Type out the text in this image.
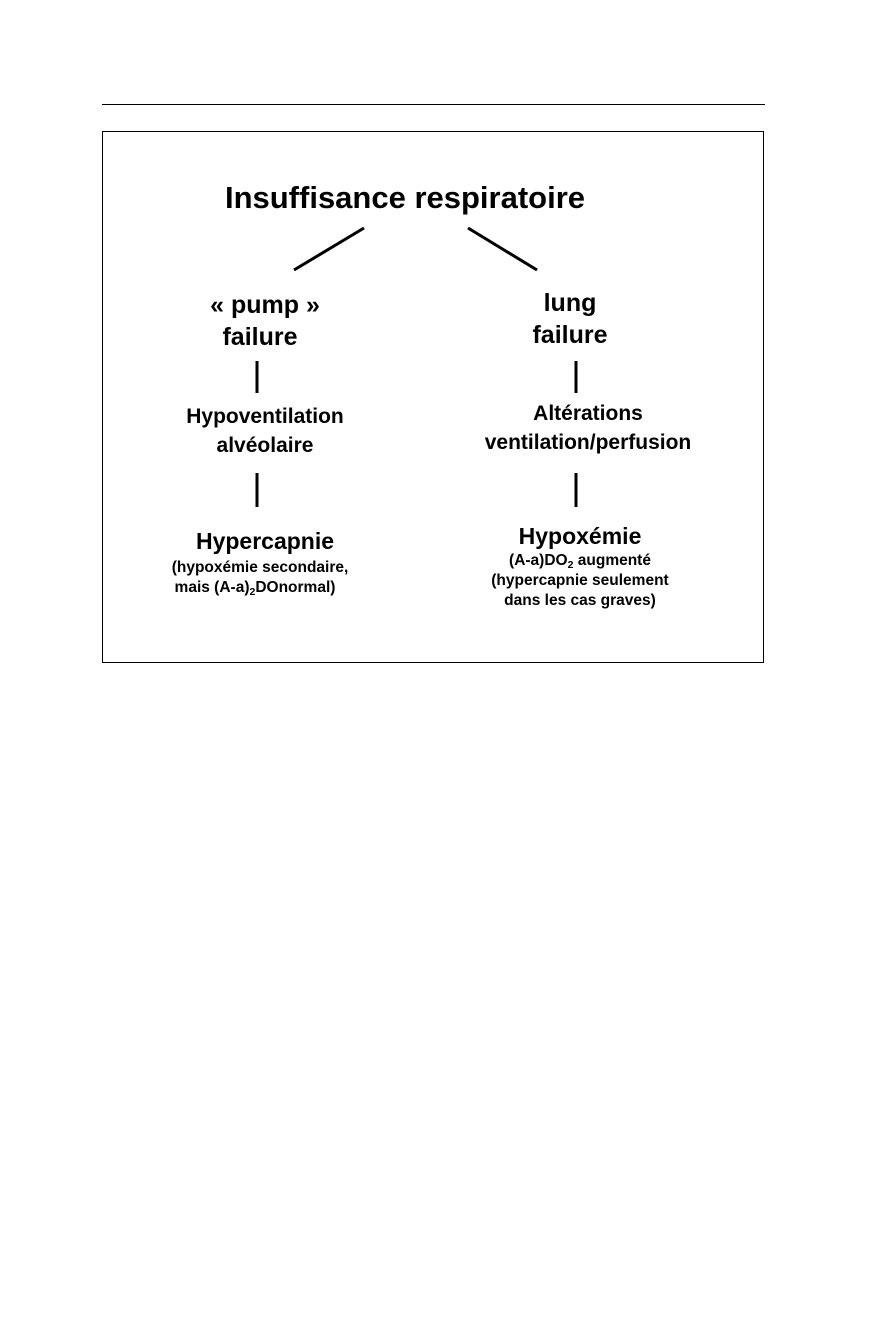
Insuffisance respiratoire
« pump »
failure
Hypoventilation
alvéolaire
Hypercapnie
(hypoxémie secondaire,
mais $(A-a)_2DOnormal$)
lung
failure
Altérations
ventilation/perfusion
Hypoxémie
$(A-a)DO_2$ augmenté
(hypercapnie seulement
dans les cas graves)
